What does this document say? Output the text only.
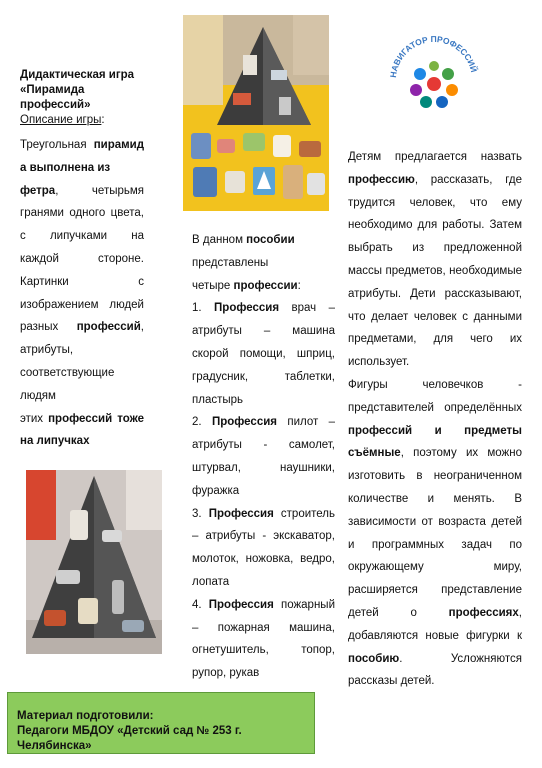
Дидактическая игра
«Пирамида
профессий»

Описание игры:

Треугольная пирамид а выполнена из
фетра, четырьмя гранями одного цвета, с липучками на каждой стороне. Картинки с изображением людей разных профессий, атрибуты, соответствующие людям
этих профессий тоже на липучках

В данном пособии
представлены
четыре профессии:

1. Профессия врач – атрибуты – машина скорой помощи, шприц, градусник, таблетки, пластырь

2. Профессия пилот – атрибуты - самолет, штурвал, наушники, фуражка

3. Профессия строитель – атрибуты - экскаватор, молоток, ножовка, ведро, лопата

4. Профессия пожарный – пожарная машина, огнетушитель, топор, рупор, рукав

НАВИГАТОР ПРОФЕССИЙ

Детям предлагается назвать профессию, рассказать, где трудится человек, что ему необходимо для работы. Затем выбрать из предложенной массы предметов, необходимые атрибуты. Дети рассказывают, что делает человек с данными предметами, для чего их использует.

Фигуры человечков - представителей определённых профессий и предметы съёмные, поэтому их можно изготовить в неограниченном количестве и менять. В зависимости от возраста детей и программных задач по окружающему миру, расширяется представление детей о профессиях, добавляются новые фигурки к пособию. Усложняются рассказы детей.

Материал подготовили:
Педагоги МБДОУ «Детский сад № 253 г. Челябинска»
